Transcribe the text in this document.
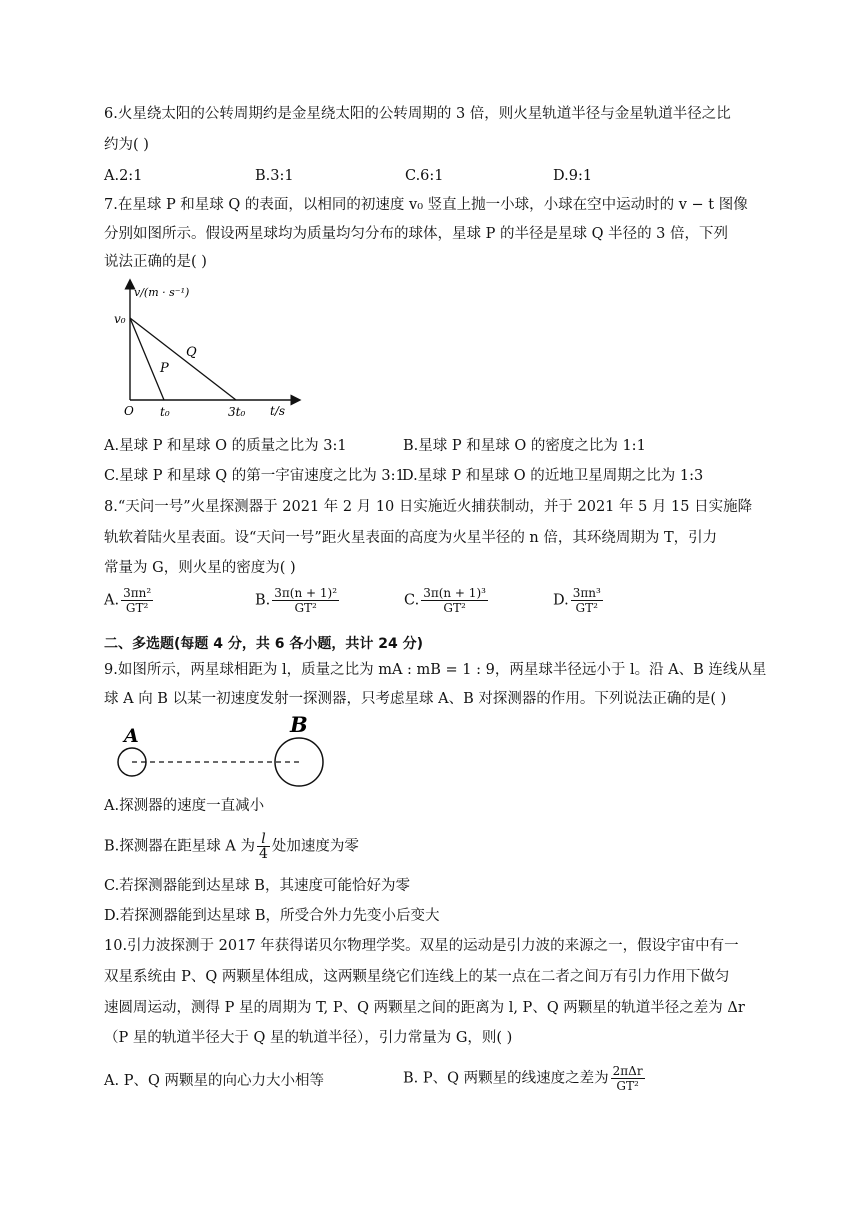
6.火星绕太阳的公转周期约是金星绕太阳的公转周期的 3 倍，则火星轨道半径与金星轨道半径之比
约为( )
A.2:1	B.3:1	C.6:1	D.9:1
7.在星球 P 和星球 Q 的表面，以相同的初速度 v₀ 竖直上抛一小球，小球在空中运动时的 v − t 图像
分别如图所示。假设两星球均为质量均匀分布的球体，星球 P 的半径是星球 Q 半径的 3 倍，下列
说法正确的是( )
v/(m · s⁻¹)
v₀
Q
P
O t₀	3t₀ t/s
A.星球 P 和星球 O 的质量之比为 3:1	B.星球 P 和星球 O 的密度之比为 1:1
C.星球 P 和星球 Q 的第一宇宙速度之比为 3:1
D.星球 P 和星球 O 的近地卫星周期之比为 1:3
8.“天问一号”火星探测器于 2021 年 2 月 10 日实施近火捕获制动，并于 2021 年 5 月 15 日实施降
轨软着陆火星表面。设“天问一号”距火星表面的高度为火星半径的 n 倍，其环绕周期为 T，引力
常量为 G，则火星的密度为( )
A. $\frac{\text{3πn²}}{\text{GT²}}$	B. $\frac{\text{3π(n + 1)²}}{\text{GT²}}$	C. $\frac{\text{3π(n + 1)³}}{\text{GT²}}$	D. $\frac{\text{3πn³}}{\text{GT²}}$
二、多选题(每题 4 分，共 6 各小题，共计 24 分)
9.如图所示，两星球相距为 l，质量之比为 mA : mB = 1 : 9，两星球半径远小于 l。沿 A、B 连线从星
球 A 向 B 以某一初速度发射一探测器，只考虑星球 A、B 对探测器的作用。下列说法正确的是( )
A	B
A.探测器的速度一直减小
B.探测器在距星球 A 为 $\frac{l}{4}$ 处加速度为零
C.若探测器能到达星球 B，其速度可能恰好为零
D.若探测器能到达星球 B，所受合外力先变小后变大
10.引力波探测于 2017 年获得诺贝尔物理学奖。双星的运动是引力波的来源之一，假设宇宙中有一
双星系统由 P、Q 两颗星体组成，这两颗星绕它们连线上的某一点在二者之间万有引力作用下做匀
速圆周运动，测得 P 星的周期为 T, P、Q 两颗星之间的距离为 l, P、Q 两颗星的轨道半径之差为 Δr
（P 星的轨道半径大于 Q 星的轨道半径），引力常量为 G，则( )
A. P、Q 两颗星的向心力大小相等	B. P、Q 两颗星的线速度之差为 $\frac{\text{2πΔr}}{\text{GT²}}$
